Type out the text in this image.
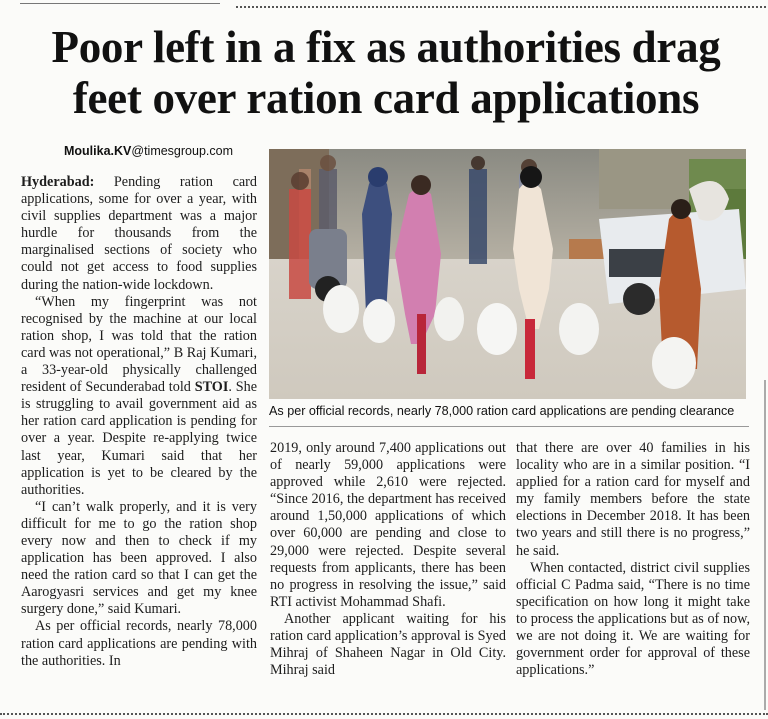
Poor left in a fix as authorities drag
feet over ration card applications
Moulika.KV@timesgroup.com

Hyderabad: Pending ration card applications, some for over a year, with civil supplies department was a major hurdle for thousands from the marginalised sections of society who could not get access to food supplies during the nation-wide lockdown.

“When my fingerprint was not recognised by the machine at our local ration shop, I was told that the ration card was not operational,” B Raj Kumari, a 33-year-old physically challenged resident of Secunderabad told STOI. She is struggling to avail government aid as her ration card application is pending for over a year. Despite re-applying twice last year, Kumari said that her application is yet to be cleared by the authorities.

“I can’t walk properly, and it is very difficult for me to go the ration shop every now and then to check if my application has been approved. I also need the ration card so that I can get the Aarogyasri services and get my knee surgery done,” said Kumari.

As per official records, nearly 78,000 ration card applications are pending with the authorities. In

As per official records, nearly 78,000 ration card applications are pending clearance

2019, only around 7,400 applications out of nearly 59,000 applications were approved while 2,610 were rejected. “Since 2016, the department has received around 1,50,000 applications of which over 60,000 are pending and close to 29,000 were rejected. Despite several requests from applicants, there has been no progress in resolving the issue,” said RTI activist Mohammad Shafi.

Another applicant waiting for his ration card application’s approval is Syed Mihraj of Shaheen Nagar in Old City. Mihraj said

that there are over 40 families in his locality who are in a similar position. “I applied for a ration card for myself and my family members before the state elections in December 2018. It has been two years and still there is no progress,” he said.

When contacted, district civil supplies official C Padma said, “There is no time specification on how long it might take to process the applications but as of now, we are not doing it. We are waiting for government order for approval of these applications.”
